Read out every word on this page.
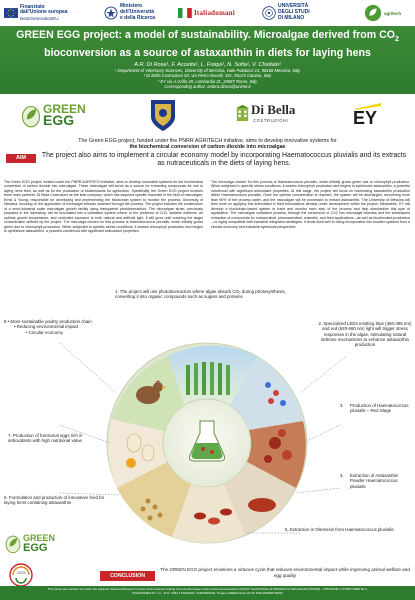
Finanziato
dall'Unione europea
NextGenerationEU
Ministero
dell'Università
e della Ricerca
Italiadomani
UNIVERSITÀ
DEGLI STUDI
DI MILANO
agritech
GREEN EGG project: a model of sustainability. Microalgae derived from $CO_2$
bioconversion as a source of astaxanthin in diets for laying hens
A.R. Di Rosa¹, F. Accetta¹, L. Foiqui¹, N. Sofia², V. Chiofalo¹
¹ Department of Veterinary Sciences, University of Messina, viale Palatucci 13, 98168 Messina, Italy
² Di Bella Costruzioni Srl, via Pietro Novelli, 151, 95125 Catania, Italy
³ EY via A.Grillo 49, Lombardia 31, 20087 Rome, Italy
Corresponding author: ambra.dirosa@unime.it
GREEN
EGG
Di Bella
COSTRUZIONI	EY
The Green EGG project, funded under the PNRR AGRITECH initiative, aims to develop innovative systems for
the biochemical conversion of carbon dioxide into microalgae
AIM	The project also aims to implement a circular economy model by incorporating Haematococcus pluvialis and its extracts as nutraceuticals in the diets of laying hens.
The Green EGG project, funded under the PNRR AGRITECH initiative, aims to develop innovative systems for the biochemical conversion of carbon dioxide into microalgae. These microalgae will serve as a source for extracting compounds for use in laying hens feed, as well as for the production of biostimulants for agriculture. Specifically, the Green EGG project involves three main partners: Di Bella Costruzioni as the lead company, which has acquired specific expertise in the field of microalgae; Ernst & Young, responsible for developing and implementing the blockchain system to monitor the process; University of Messina, focusing on the application of microalgal extracts obtained through the process. The project includes the construction of a semi-industrial scale microalgae growth facility using transparent photobioreactors. The microalgae strain, previously prepared in the laboratory, will be inoculated into a cultivation system where, in the presence of CO2, suitable nutrients, an optimal growth temperature, and controlled exposure to both natural and artificial light, it will grow until reaching the target concentration defined by the project. The microalga chosen for this process is Haematococcus pluvialis, which initially grows green due to chlorophyll production. When subjected to specific stress conditions, it ceases chlorophyll production and begins to synthesize astaxanthin, a powerful carotenoid with significant antioxidant properties.
The microalga chosen for this process is Haematococcus pluvialis, which initially grows green due to chlorophyll production. When subjected to specific stress conditions, it ceases chlorophyll production and begins to synthesize astaxanthin, a powerful carotenoid with significant antioxidant properties. At this stage, the project will focus on maximizing astaxanthin production within Haematococcus pluvialis. Once the optimal concentration is reached, the system will be discharged, recovering more than 90% of the process water, and the microalgae will be processed to extract astaxanthin. The University of Messina will then work on applying this antioxidant in feed formulations already under development within the project. Meanwhile, EY will develop a blockchain-based system to trace and monitor each step of the process and help standardize this type of application. The microalgae cultivation process, through the conversion of CO2 into microalgal biomass and the subsequent extraction of compounds for nutraceutical, pharmaceutical, cosmetic, and feed applications—as well as biostimulant production—is highly compatible with industrial integration strategies. It lends itself well to being incorporated into broader systems from a circular economy and industrial symbiosis perspective.
1. The project will use photobioreactors where algae absorb CO₂ during photosynthesis, converting it into organic compounds such as sugars and proteins
8 • More sustainable poultry production chain
• Reducing environmental impact
• Circular economy
2. Specialized LEDs emitting blue (450-495 nm) and red (620-660 nm) light will trigger stress responses in the algae, stimulating natural defense mechanisms to enhance astaxanthin production
7. Production of functional eggs rich in antioxidants with high nutritional value
3.	Production of Haematococcus pluvialis – Red Stage
4.	Extraction of Astaxanthin Powder Haematococcus pluvialis
6. Formulation and production of innovative feed for laying hens containing astaxanthin
5. Extraction in Oleoresin from Haematococcus pluvialis
GREEN
EGG
2025
CONCLUSION
The GREEN EGG project envisions a virtuous cycle that reduces environmental impact while improving animal welfare and egg quality
This study was carried out within the Agritech National Research Center and received funding from the European Union Next-GenerationEU (PIANO NAZIONALE DI RIPRESA E RESILIENZA (PNRR) – MISSIONE 4 COMPONENTE 2, INVESTIMENTO 1.4 – D.D. 1032 17/06/2022, CN00000022). Project GREEN EGG (CUP J93C22000070009)
